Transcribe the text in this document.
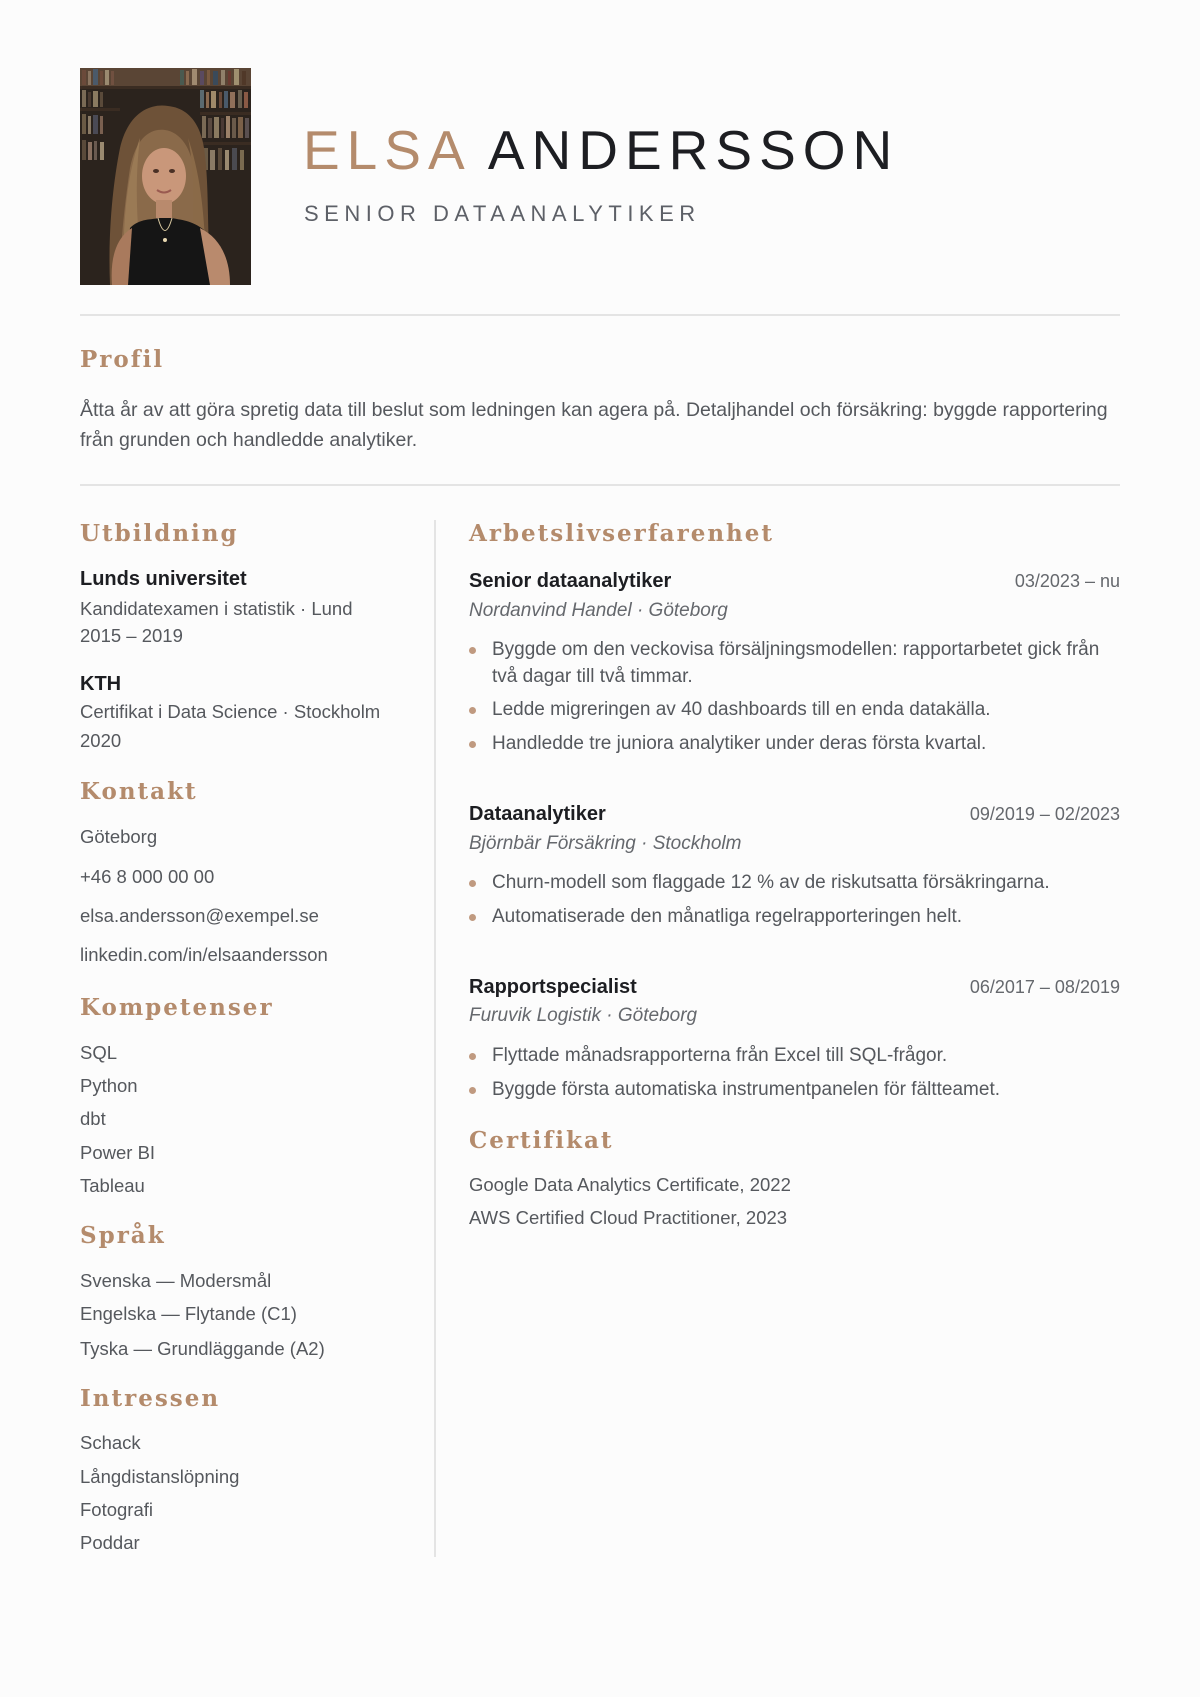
ELSA ANDERSSON
SENIOR DATAANALYTIKER
Profil
Åtta år av att göra spretig data till beslut som ledningen kan agera på. Detaljhandel och försäkring: byggde rapportering från grunden och handledde analytiker.
Utbildning
Lunds universitet
Kandidatexamen i statistik · Lund
2015 – 2019
KTH
Certifikat i Data Science · Stockholm
2020
Kontakt
Göteborg
+46 8 000 00 00
elsa.andersson@exempel.se
linkedin.com/in/elsaandersson
Kompetenser
SQL
Python
dbt
Power BI
Tableau
Språk
Svenska — Modersmål
Engelska — Flytande (C1)
Tyska — Grundläggande (A2)
Intressen
Schack
Långdistanslöpning
Fotografi
Poddar
Arbetslivserfarenhet
Senior dataanalytiker	03/2023 – nu
Nordanvind Handel · Göteborg
Byggde om den veckovisa försäljningsmodellen: rapportarbetet gick från två dagar till två timmar.
Ledde migreringen av 40 dashboards till en enda datakälla.
Handledde tre juniora analytiker under deras första kvartal.
Dataanalytiker	09/2019 – 02/2023
Björnbär Försäkring · Stockholm
Churn-modell som flaggade 12 % av de riskutsatta försäkringarna.
Automatiserade den månatliga regelrapporteringen helt.
Rapportspecialist	06/2017 – 08/2019
Furuvik Logistik · Göteborg
Flyttade månadsrapporterna från Excel till SQL-frågor.
Byggde första automatiska instrumentpanelen för fältteamet.
Certifikat
Google Data Analytics Certificate, 2022
AWS Certified Cloud Practitioner, 2023
